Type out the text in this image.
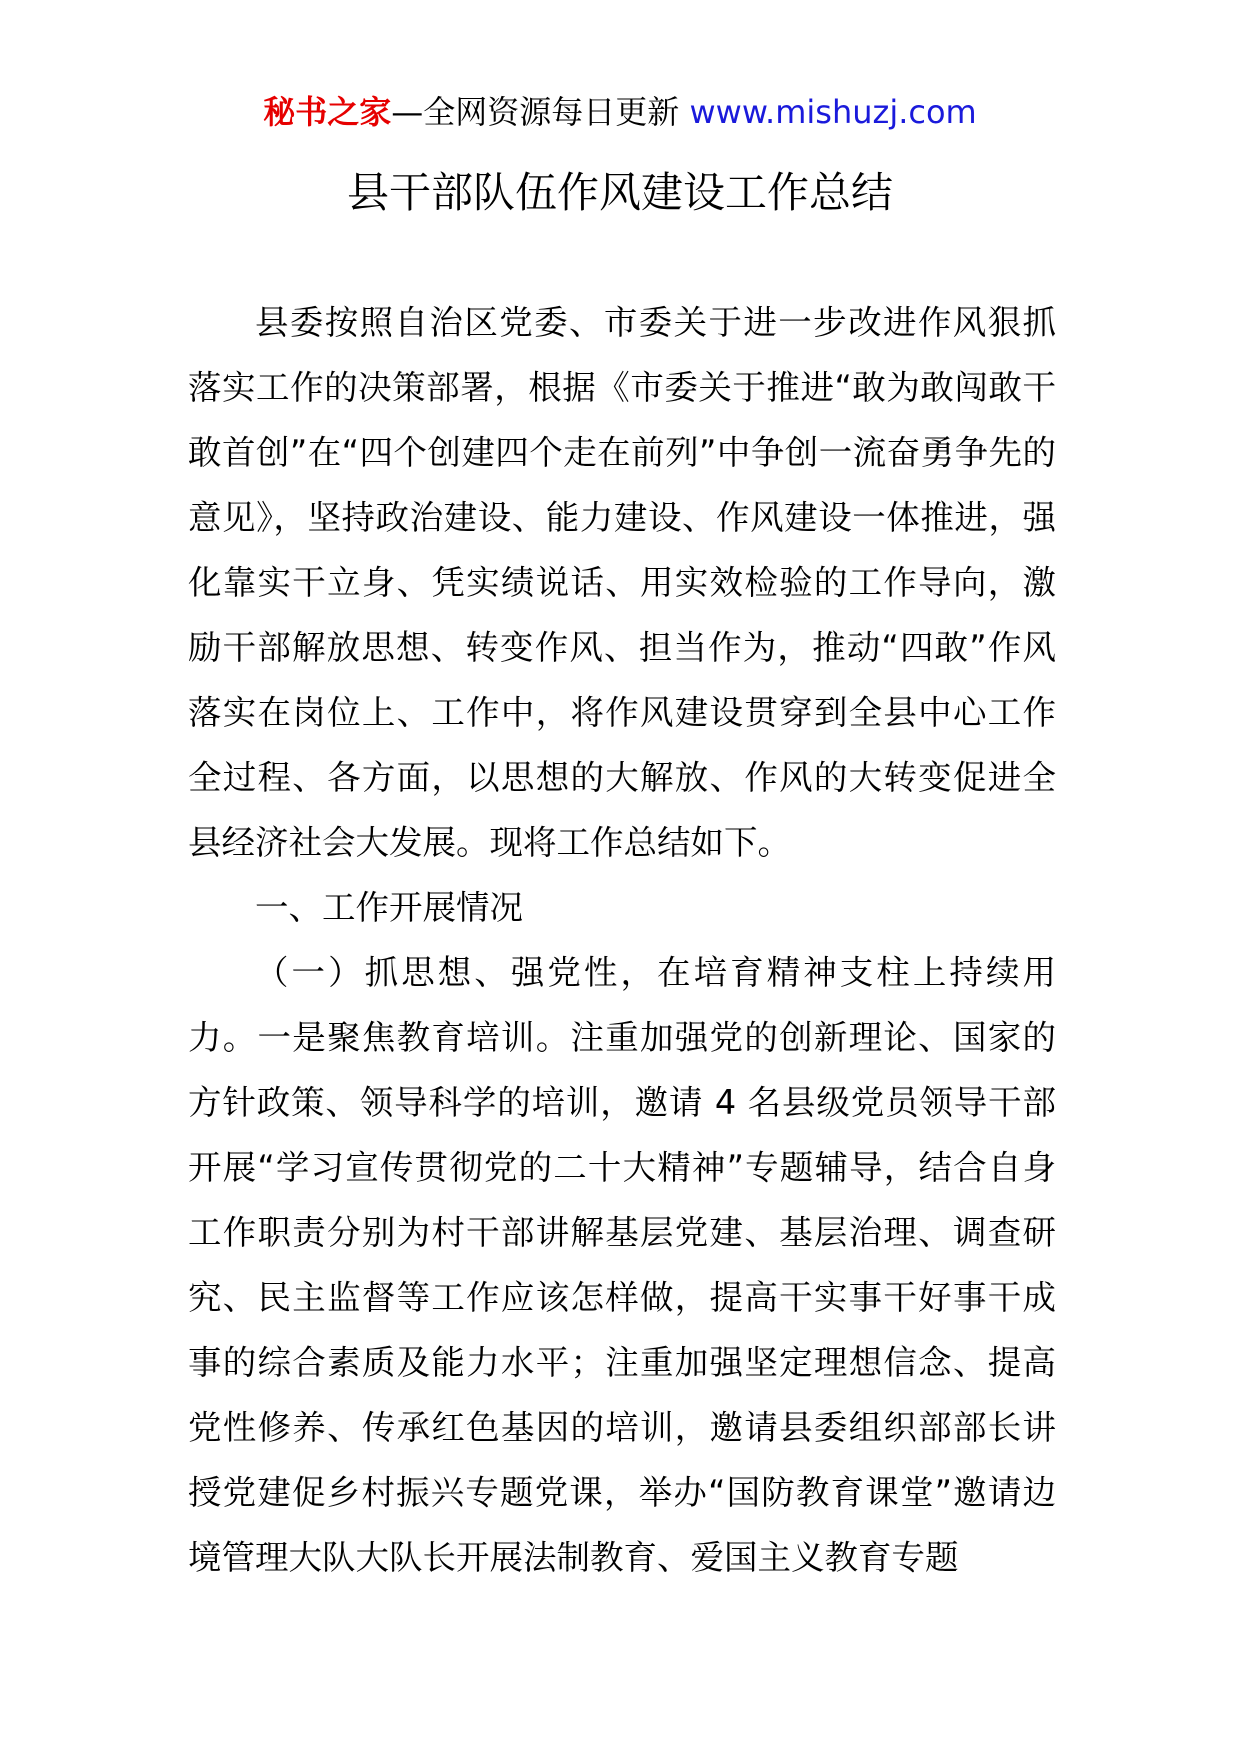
秘书之家—全网资源每日更新 www.mishuzj.com
县干部队伍作风建设工作总结

县委按照自治区党委、市委关于进一步改进作风狠抓落实工作的决策部署，根据《市委关于推进“敢为敢闯敢干敢首创”在“四个创建四个走在前列”中争创一流奋勇争先的意见》，坚持政治建设、能力建设、作风建设一体推进，强化靠实干立身、凭实绩说话、用实效检验的工作导向，激励干部解放思想、转变作风、担当作为，推动“四敢”作风落实在岗位上、工作中，将作风建设贯穿到全县中心工作全过程、各方面，以思想的大解放、作风的大转变促进全县经济社会大发展。现将工作总结如下。

一、工作开展情况

（一）抓思想、强党性，在培育精神支柱上持续用力。一是聚焦教育培训。注重加强党的创新理论、国家的方针政策、领导科学的培训，邀请 4 名县级党员领导干部开展“学习宣传贯彻党的二十大精神”专题辅导，结合自身工作职责分别为村干部讲解基层党建、基层治理、调查研究、民主监督等工作应该怎样做，提高干实事干好事干成事的综合素质及能力水平；注重加强坚定理想信念、提高党性修养、传承红色基因的培训，邀请县委组织部部长讲授党建促乡村振兴专题党课，举办“国防教育课堂”邀请边境管理大队大队长开展法制教育、爱国主义教育专题
